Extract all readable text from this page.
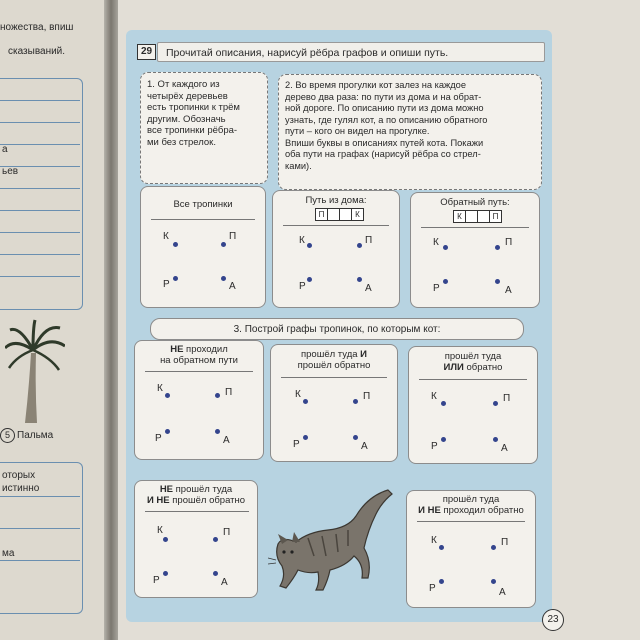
ножества, впиш
сказываний.
а
ьев
5 Пальма
оторых
истинно
ма
29	Прочитай описания, нарисуй рёбра графов и опиши путь.
1. От каждого из
четырёх деревьев
есть тропинки к трём
другим. Обозначь
все тропинки рёбра-
ми без стрелок.
2. Во время прогулки кот залез на каждое
дерево два раза: по пути из дома и на обрат-
ной дороге. По описанию пути из дома можно
узнать, где гулял кот, а по описанию обратного
пути – кого он видел на прогулке.
Впиши буквы в описаниях путей кота. Покажи
оба пути на графах (нарисуй рёбра со стрел-
ками).
Все тропинки
К	П
Р	А
Путь из дома:
П	К
К	П
Р	А
Обратный путь:
К	П
К	П
Р	А
3. Построй графы тропинок, по которым кот:
НЕ проходил
на обратном пути
К	П
Р	А
прошёл туда И
прошёл обратно
К	П
Р	А
прошёл туда
ИЛИ обратно
К	П
Р	А
НЕ прошёл туда
И НЕ прошёл обратно
К	П
Р	А
прошёл туда
И НЕ проходил обратно
К	П
Р	А
23
